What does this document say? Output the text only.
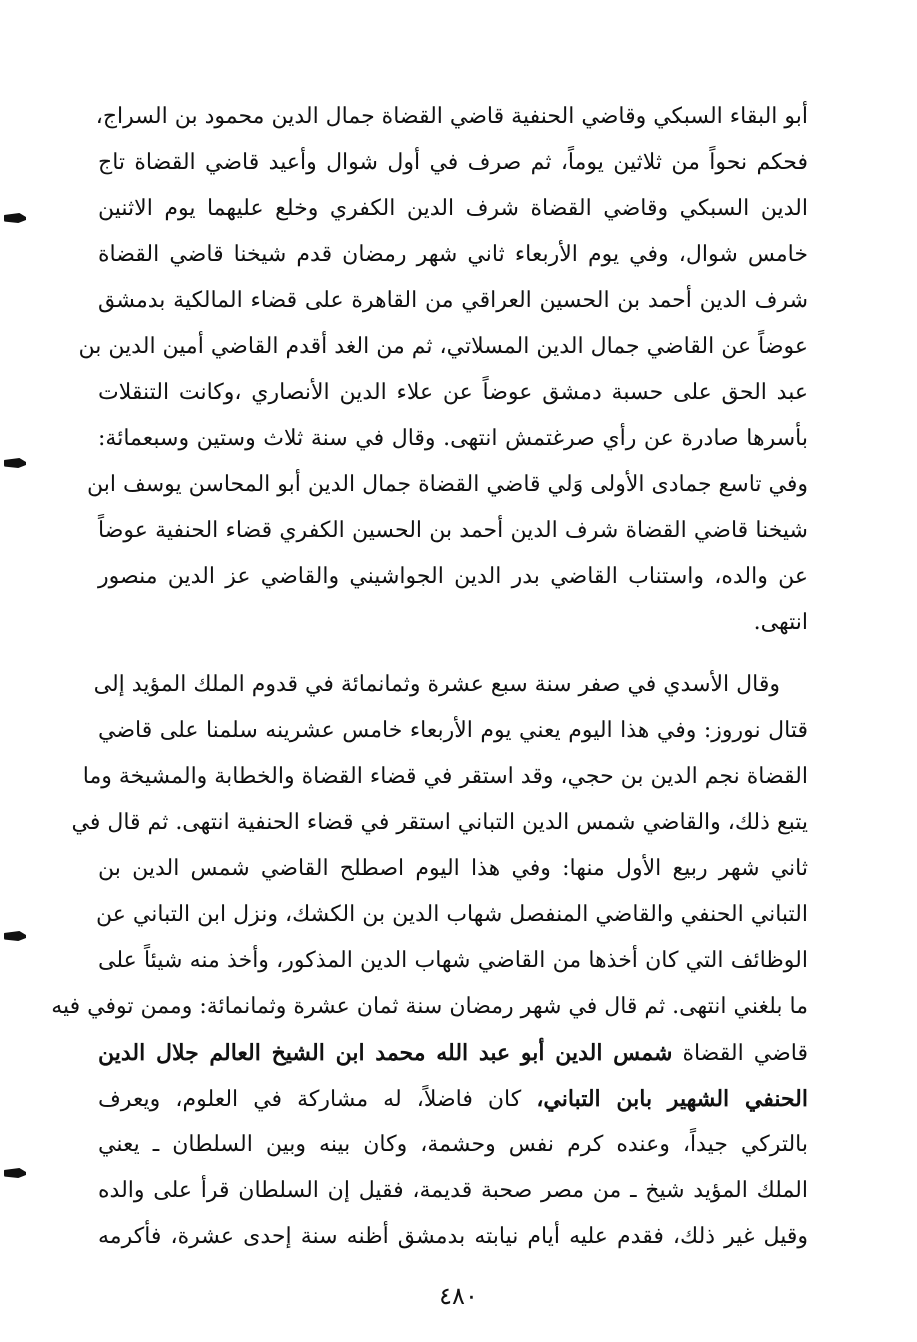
أبو البقاء السبكي وقاضي الحنفية قاضي القضاة جمال الدين محمود بن السراج،
فحكم نحواً من ثلاثين يوماً، ثم صرف في أول شوال وأعيد قاضي القضاة تاج
الدين السبكي وقاضي القضاة شرف الدين الكفري وخلع عليهما يوم الاثنين
خامس شوال، وفي يوم الأربعاء ثاني شهر رمضان قدم شيخنا قاضي القضاة
شرف الدين أحمد بن الحسين العراقي من القاهرة على قضاء المالكية بدمشق
عوضاً عن القاضي جمال الدين المسلاتي، ثم من الغد أقدم القاضي أمين الدين بن
عبد الحق على حسبة دمشق عوضاً عن علاء الدين الأنصاري ،وكانت التنقلات
بأسرها صادرة عن رأي صرغتمش انتهى. وقال في سنة ثلاث وستين وسبعمائة:
وفي تاسع جمادى الأولى وَلي قاضي القضاة جمال الدين أبو المحاسن يوسف ابن
شيخنا قاضي القضاة شرف الدين أحمد بن الحسين الكفري قضاء الحنفية عوضاً
عن والده، واستناب القاضي بدر الدين الجواشيني والقاضي عز الدين منصور
انتهى.
وقال الأسدي في صفر سنة سبع عشرة وثمانمائة في قدوم الملك المؤيد إلى
قتال نوروز: وفي هذا اليوم يعني يوم الأربعاء خامس عشرينه سلمنا على قاضي
القضاة نجم الدين بن حجي، وقد استقر في قضاء القضاة والخطابة والمشيخة وما
يتبع ذلك، والقاضي شمس الدين التباني استقر في قضاء الحنفية انتهى. ثم قال في
ثاني شهر ربيع الأول منها: وفي هذا اليوم اصطلح القاضي شمس الدين بن
التباني الحنفي والقاضي المنفصل شهاب الدين بن الكشك، ونزل ابن التباني عن
الوظائف التي كان أخذها من القاضي شهاب الدين المذكور، وأخذ منه شيئاً على
ما بلغني انتهى. ثم قال في شهر رمضان سنة ثمان عشرة وثمانمائة: وممن توفي فيه
قاضي القضاة شمس الدين أبو عبد الله محمد ابن الشيخ العالم جلال الدين
الحنفي الشهير بابن التباني، كان فاضلاً، له مشاركة في العلوم، ويعرف
بالتركي جيداً، وعنده كرم نفس وحشمة، وكان بينه وبين السلطان ـ يعني
الملك المؤيد شيخ ـ من مصر صحبة قديمة، فقيل إن السلطان قرأ على والده
وقيل غير ذلك، فقدم عليه أيام نيابته بدمشق أظنه سنة إحدى عشرة، فأكرمه
٤٨٠
